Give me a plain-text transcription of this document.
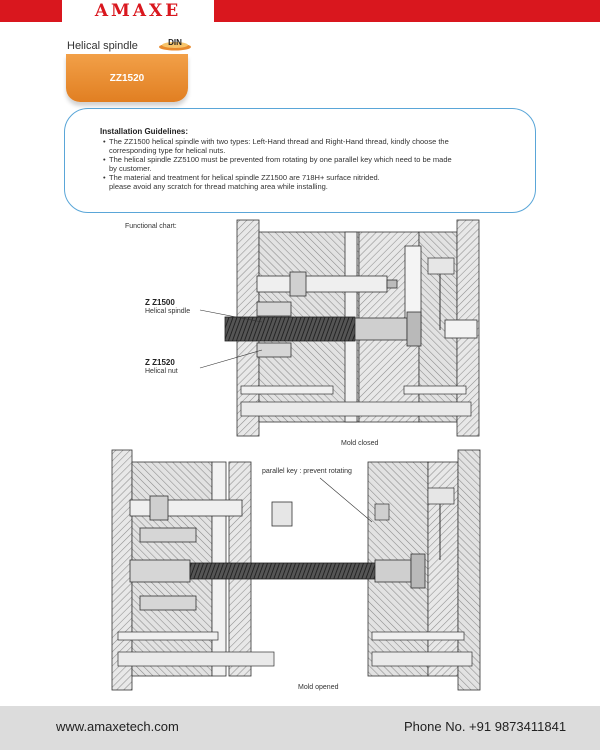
AMAXE
Helical spindle	DIN
ZZ1520
Installation Guidelines:
• The ZZ1500 helical spindle with two types: Left-Hand thread and Right-Hand thread, kindly choose the
corresponding type for helical nuts.
• The helical spindle ZZ5100 must be prevented from rotating by one parallel key which need to be made
by customer.
• The material and treatment for helical spindle ZZ1500 are 718H+ surface nitrided.
please avoid any scratch for thread matching area while installing.
Functional chart:
Z Z1500
Helical spindle
Z Z1520
Helical nut
Mold closed
parallel key : prevent rotating
Mold opened
www.amaxetech.com	Phone No. +91 9873411841
